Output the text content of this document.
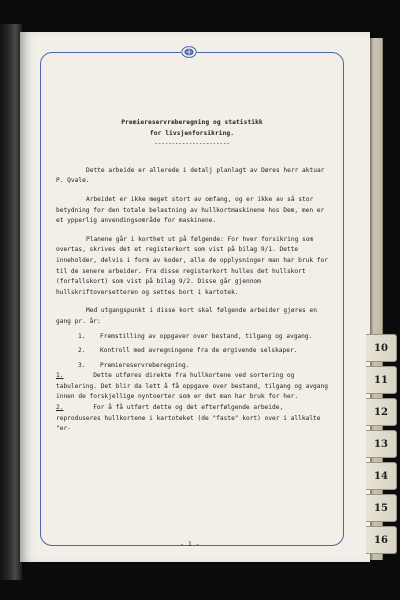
Premiereservreberegning og statistikk
for livsjenforsikring.
----------------------

Dette arbeide er allerede i detalj planlagt av Døres herr aktuar P. Qvale.

Arbeidet er ikke meget stort av omfang, og er ikke av så stor betydning for den totale belastning av hullkortmaskinene hos Dem, men er et ypperlig anvendingsområde for maskinene.

Planene går i korthet ut på følgende: For hver forsikring som overtas, skrives det et registerkort som vist på bilag 9/1. Dette inneholder, delvis i form av koder, alle de opplysninger man har bruk for til de senere arbeider. Fra disse registerkort hulles det hullskort (forfallskort) som vist på bilag 9/2. Disse går gjennom hullskriftoversetteren og settes bort i kartotek.

Med utgangspunkt i disse kort skal følgende arbeider gjøres en gang pr. år:

1.	Fremstilling av oppgaver over bestand, tilgang og avgang.
2.	Kontroll med avregningene fra de ørgivende selskaper.
3.	Premiereservreberegning.

1.	Dette utføres direkte fra hullkortene ved sortering og tabulering. Det blir da lett å få oppgave over bestand, tilgang og avgang innen de forskjellige nyntoerter som er det man har bruk for her.

2.	For å få utført dette og det efterfølgende arbeide, reproduseres hullkortene i kartoteket (de "faste" kort) over i allkalte "er-

- 1 -
10
11
12
13
14
15
16
